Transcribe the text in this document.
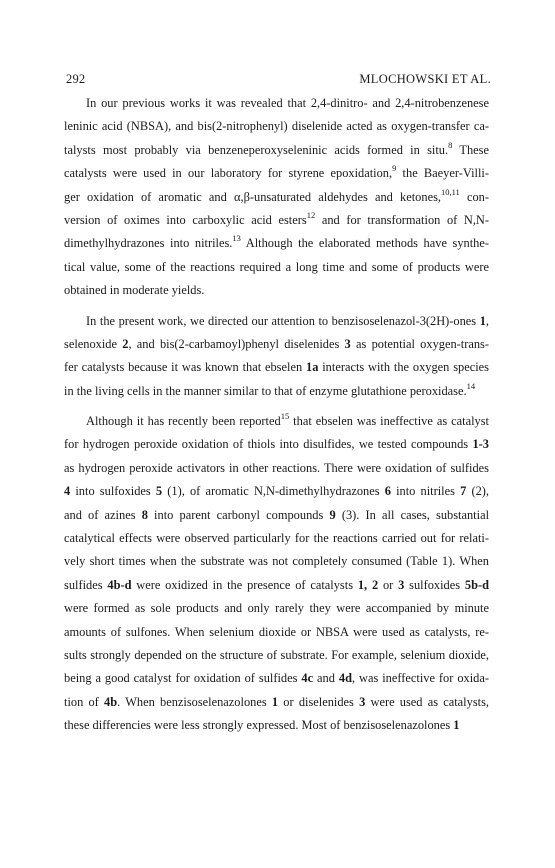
292	MLOCHOWSKI ET AL.
In our previous works it was revealed that 2,4-dinitro- and 2,4-nitrobenzenese
leninic acid (NBSA), and bis(2-nitrophenyl) diselenide acted as oxygen-transfer ca-
talysts most probably via benzeneperoxyseleninic acids formed in situ.$^8$ These
catalysts were used in our laboratory for styrene epoxidation,$^9$ the Baeyer-Villi-
ger oxidation of aromatic and α,β-unsaturated aldehydes and ketones,$^{10,11}$ con-
version of oximes into carboxylic acid esters$^{12}$ and for transformation of N,N-
dimethylhydrazones into nitriles.$^{13}$ Although the elaborated methods have synthe-
tical value, some of the reactions required a long time and some of products were
obtained in moderate yields.
In the present work, we directed our attention to benzisoselenazol-3(2H)-ones 1,
selenoxide 2, and bis(2-carbamoyl)phenyl diselenides 3 as potential oxygen-trans-
fer catalysts because it was known that ebselen 1a interacts with the oxygen species
in the living cells in the manner similar to that of enzyme glutathione peroxidase.$^{14}$
Although it has recently been reported$^{15}$ that ebselen was ineffective as catalyst
for hydrogen peroxide oxidation of thiols into disulfides, we tested compounds 1-3
as hydrogen peroxide activators in other reactions. There were oxidation of sulfides
4 into sulfoxides 5 (1), of aromatic N,N-dimethylhydrazones 6 into nitriles 7 (2),
and of azines 8 into parent carbonyl compounds 9 (3). In all cases, substantial
catalytical effects were observed particularly for the reactions carried out for relati-
vely short times when the substrate was not completely consumed (Table 1). When
sulfides 4b-d were oxidized in the presence of catalysts 1, 2 or 3 sulfoxides 5b-d
were formed as sole products and only rarely they were accompanied by minute
amounts of sulfones. When selenium dioxide or NBSA were used as catalysts, re-
sults strongly depended on the structure of substrate. For example, selenium dioxide,
being a good catalyst for oxidation of sulfides 4c and 4d, was ineffective for oxida-
tion of 4b. When benzisoselenazolones 1 or diselenides 3 were used as catalysts,
these differencies were less strongly expressed. Most of benzisoselenazolones 1
